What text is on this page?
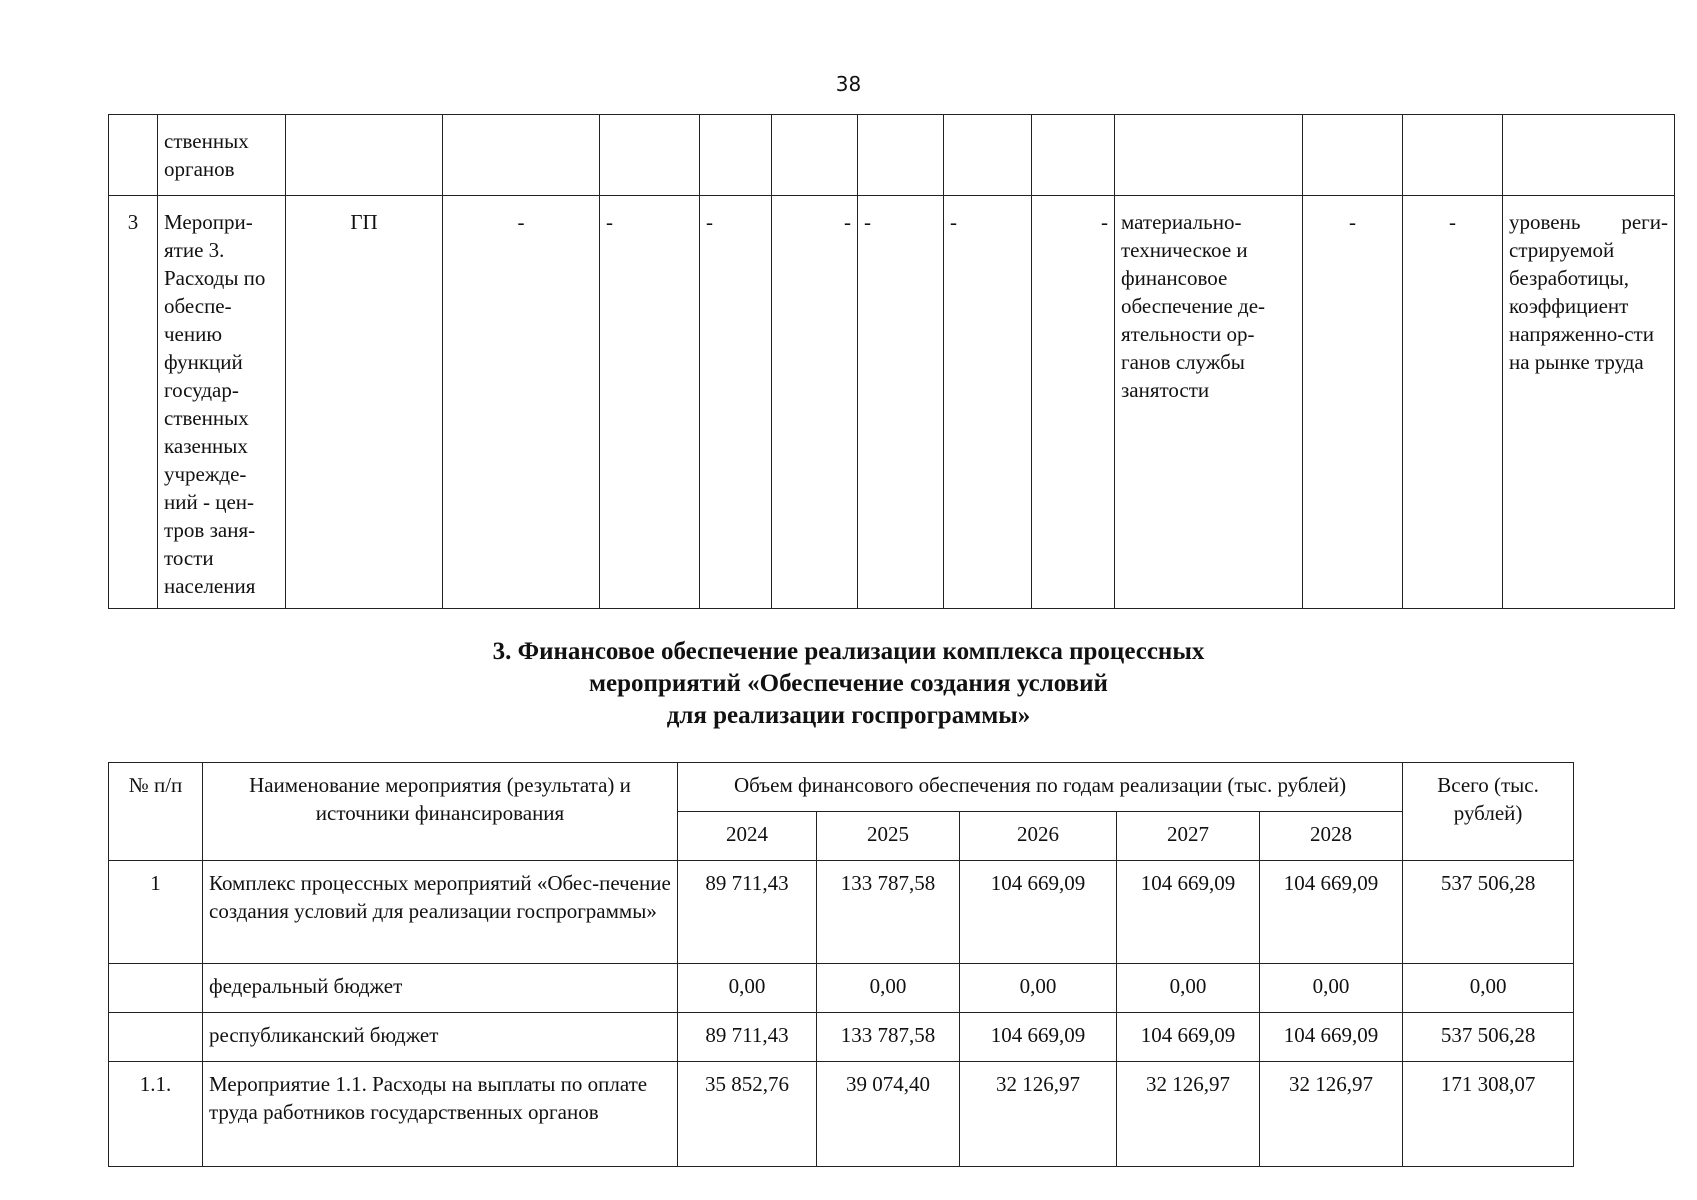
38
	ственных органов												
3	Меропри-ятие 3. Расходы по обеспе-чению функций государ-ственных казенных учрежде-ний - цен-тров заня-тости населения	ГП	-	-	-	-	-	-	-	материально-техническое и финансовое обеспечение де-ятельности ор-ганов службы занятости	-	-	уровень реги-стрируемой безработицы, коэффициент напряженно-сти на рынке труда
3. Финансовое обеспечение реализации комплекса процессных
мероприятий «Обеспечение создания условий
для реализации госпрограммы»
№ п/п	Наименование мероприятия (результата) и источники финансирования	Объем финансового обеспечения по годам реализации (тыс. рублей)					Всего (тыс. рублей)
		2024	2025	2026	2027	2028	
1	Комплекс процессных мероприятий «Обес-печение создания условий для реализации госпрограммы»	89 711,43	133 787,58	104 669,09	104 669,09	104 669,09	537 506,28
	федеральный бюджет	0,00	0,00	0,00	0,00	0,00	0,00
	республиканский бюджет	89 711,43	133 787,58	104 669,09	104 669,09	104 669,09	537 506,28
1.1.	Мероприятие 1.1. Расходы на выплаты по оплате труда работников государственных органов	35 852,76	39 074,40	32 126,97	32 126,97	32 126,97	171 308,07
